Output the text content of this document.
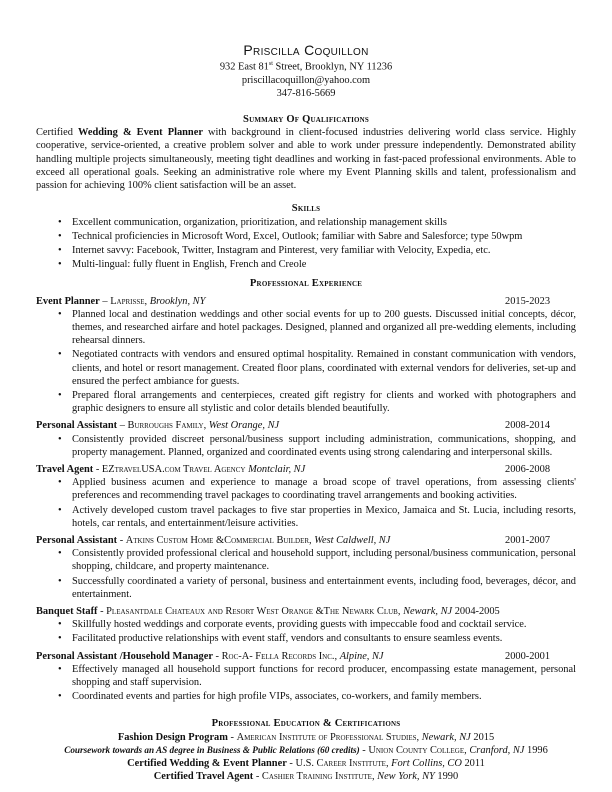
Priscilla Coquillon
932 East 81st Street, Brooklyn, NY 11236
priscillacoquillon@yahoo.com
347-816-5669
Summary Of Qualifications
Certified Wedding & Event Planner with background in client-focused industries delivering world class service. Highly cooperative, service-oriented, a creative problem solver and able to work under pressure independently. Demonstrated ability handling multiple projects simultaneously, meeting tight deadlines and working in fast-paced professional environments. Able to exceed all operational goals. Seeking an administrative role where my Event Planning skills and talent, professionalism and passion for achieving 100% client satisfaction will be an asset.
Skills
• Excellent communication, organization, prioritization, and relationship management skills
• Technical proficiencies in Microsoft Word, Excel, Outlook; familiar with Sabre and Salesforce; type 50wpm
• Internet savvy: Facebook, Twitter, Instagram and Pinterest, very familiar with Velocity, Expedia, etc.
• Multi-lingual: fully fluent in English, French and Creole
Professional Experience
Event Planner – Laprisse, Brooklyn, NY	2015-2023
• Planned local and destination weddings and other social events for up to 200 guests. Discussed initial concepts, décor, themes, and researched airfare and hotel packages. Designed, planned and organized all pre-wedding elements, including rehearsal dinners.
• Negotiated contracts with vendors and ensured optimal hospitality. Remained in constant communication with vendors, clients, and hotel or resort management. Created floor plans, coordinated with external vendors for deliveries, set-up and ensured the perfect ambiance for guests.
• Prepared floral arrangements and centerpieces, created gift registry for clients and worked with photographers and graphic designers to ensure all stylistic and color details blended beautifully.
Personal Assistant – Burroughs Family, West Orange, NJ	2008-2014
• Consistently provided discreet personal/business support including administration, communications, shopping, and property management. Planned, organized and coordinated events using strong calendaring and interpersonal skills.
Travel Agent - EZtravelUSA.com Travel Agency Montclair, NJ	2006-2008
• Applied business acumen and experience to manage a broad scope of travel operations, from assessing clients' preferences and recommending travel packages to coordinating travel arrangements and booking activities.
• Actively developed custom travel packages to five star properties in Mexico, Jamaica and St. Lucia, including resorts, hotels, car rentals, and entertainment/leisure activities.
Personal Assistant - Atkins Custom Home &Commercial Builder, West Caldwell, NJ	2001-2007
• Consistently provided professional clerical and household support, including personal/business communication, personal shopping, childcare, and property maintenance.
• Successfully coordinated a variety of personal, business and entertainment events, including food, beverages, décor, and entertainment.
Banquet Staff - Pleasantdale Chateaux and Resort West Orange &The Newark Club, Newark, NJ 2004-2005
• Skillfully hosted weddings and corporate events, providing guests with impeccable food and cocktail service.
• Facilitated productive relationships with event staff, vendors and consultants to ensure seamless events.
Personal Assistant /Household Manager - Roc-A- Fella Records Inc., Alpine, NJ	2000-2001
• Effectively managed all household support functions for record producer, encompassing estate management, personal shopping and staff supervision.
• Coordinated events and parties for high profile VIPs, associates, co-workers, and family members.
Professional Education & Certifications
Fashion Design Program - American Institute of Professional Studies, Newark, NJ 2015
Coursework towards an AS degree in Business & Public Relations (60 credits) - Union County College, Cranford, NJ 1996
Certified Wedding & Event Planner - U.S. Career Institute, Fort Collins, CO 2011
Certified Travel Agent - Cashier Training Institute, New York, NY 1990
